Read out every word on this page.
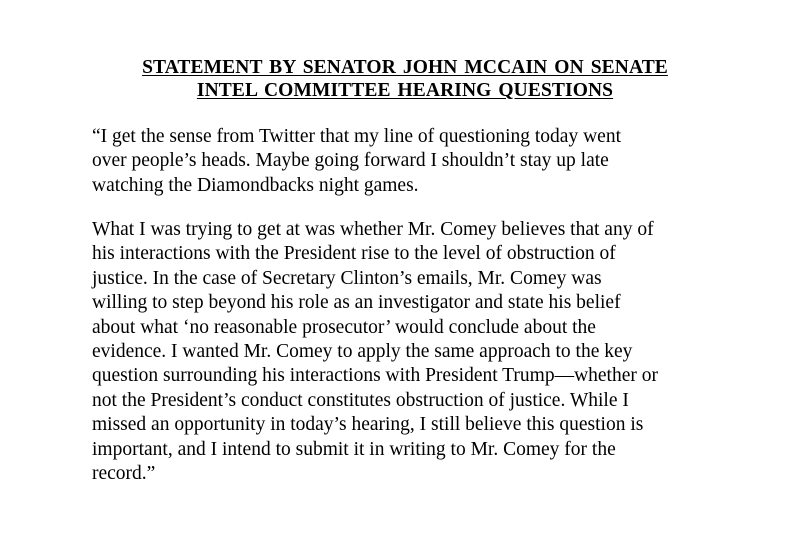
STATEMENT BY SENATOR JOHN MCCAIN ON SENATE
INTEL COMMITTEE HEARING QUESTIONS

“I get the sense from Twitter that my line of questioning today went
over people’s heads. Maybe going forward I shouldn’t stay up late
watching the Diamondbacks night games.

What I was trying to get at was whether Mr. Comey believes that any of
his interactions with the President rise to the level of obstruction of
justice. In the case of Secretary Clinton’s emails, Mr. Comey was
willing to step beyond his role as an investigator and state his belief
about what ‘no reasonable prosecutor’ would conclude about the
evidence. I wanted Mr. Comey to apply the same approach to the key
question surrounding his interactions with President Trump—whether or
not the President’s conduct constitutes obstruction of justice. While I
missed an opportunity in today’s hearing, I still believe this question is
important, and I intend to submit it in writing to Mr. Comey for the
record.”
